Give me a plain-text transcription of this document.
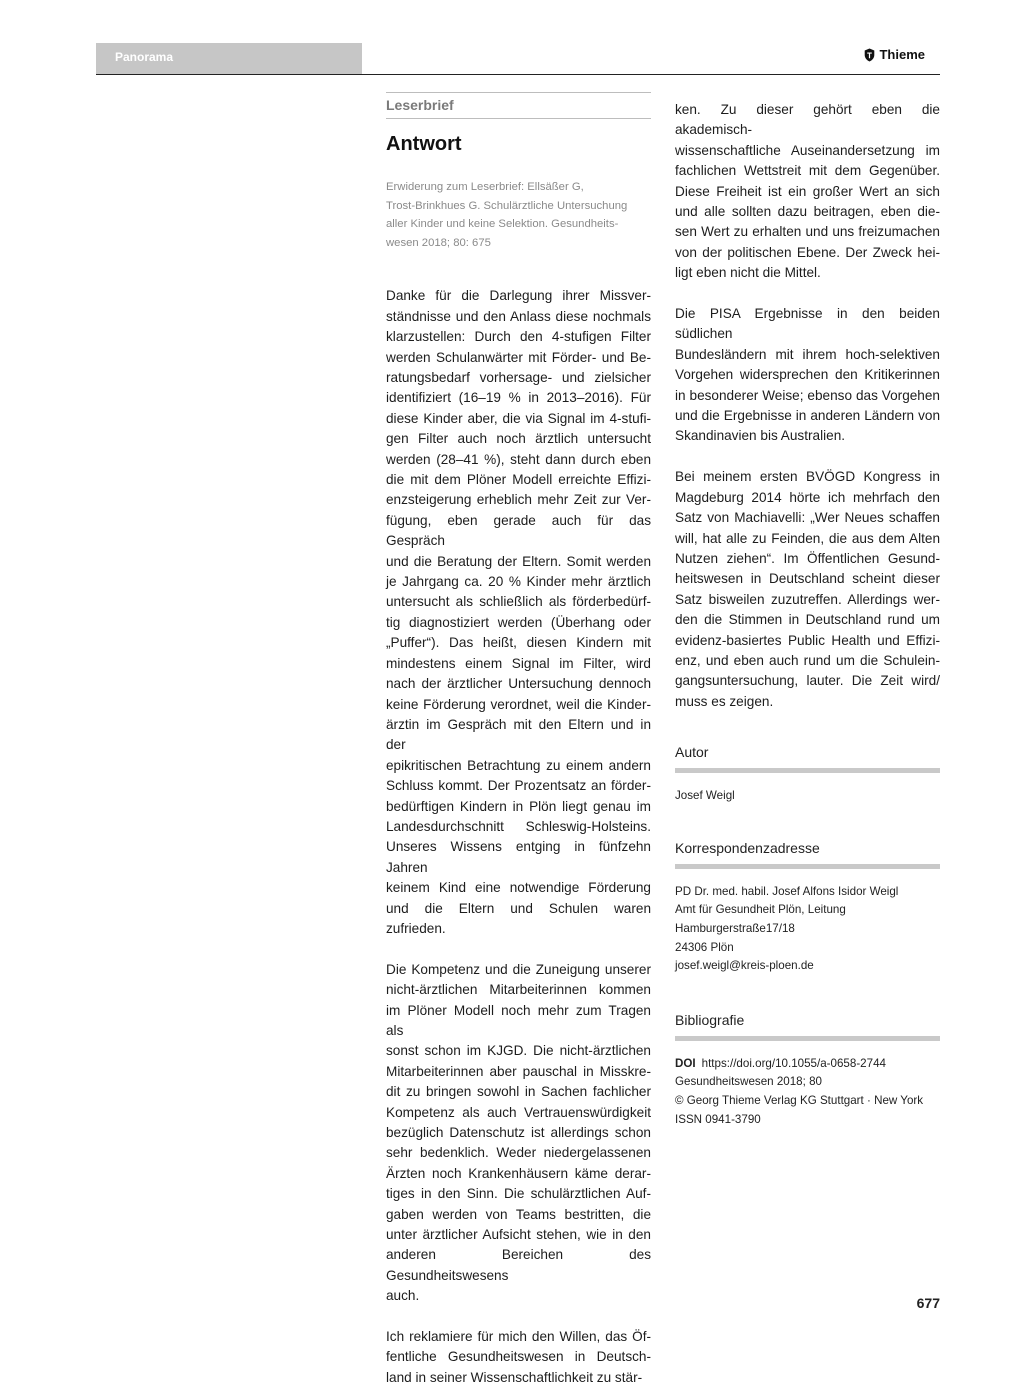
Panorama	Thieme
Leserbrief
Antwort
Erwiderung zum Leserbrief: Ellsäßer G,
Trost-Brinkhues G. Schulärztliche Untersuchung
aller Kinder und keine Selektion. Gesundheits-
wesen 2018; 80: 675
Danke für die Darlegung ihrer Missver-
ständnisse und den Anlass diese nochmals
klarzustellen: Durch den 4-stufigen Filter
werden Schulanwärter mit Förder- und Be-
ratungsbedarf vorhersage- und zielsicher
identifiziert (16–19 % in 2013–2016). Für
diese Kinder aber, die via Signal im 4-stufi-
gen Filter auch noch ärztlich untersucht
werden (28–41 %), steht dann durch eben
die mit dem Plöner Modell erreichte Effizi-
enzsteigerung erheblich mehr Zeit zur Ver-
fügung, eben gerade auch für das Gespräch
und die Beratung der Eltern. Somit werden
je Jahrgang ca. 20 % Kinder mehr ärztlich
untersucht als schließlich als förderbedürf-
tig diagnostiziert werden (Überhang oder
„Puffer“). Das heißt, diesen Kindern mit
mindestens einem Signal im Filter, wird
nach der ärztlicher Untersuchung dennoch
keine Förderung verordnet, weil die Kinder-
ärztin im Gespräch mit den Eltern und in der
epikritischen Betrachtung zu einem andern
Schluss kommt. Der Prozentsatz an förder-
bedürftigen Kindern in Plön liegt genau im
Landesdurchschnitt Schleswig-Holsteins.
Unseres Wissens entging in fünfzehn Jahren
keinem Kind eine notwendige Förderung
und die Eltern und Schulen waren zufrieden.
Die Kompetenz und die Zuneigung unserer
nicht-ärztlichen Mitarbeiterinnen kommen
im Plöner Modell noch mehr zum Tragen als
sonst schon im KJGD. Die nicht-ärztlichen
Mitarbeiterinnen aber pauschal in Misskre-
dit zu bringen sowohl in Sachen fachlicher
Kompetenz als auch Vertrauenswürdigkeit
bezüglich Datenschutz ist allerdings schon
sehr bedenklich. Weder niedergelassenen
Ärzten noch Krankenhäusern käme derar-
tiges in den Sinn. Die schulärztlichen Auf-
gaben werden von Teams bestritten, die
unter ärztlicher Aufsicht stehen, wie in den
anderen Bereichen des Gesundheitswesens
auch.
Ich reklamiere für mich den Willen, das Öf-
fentliche Gesundheitswesen in Deutsch-
land in seiner Wissenschaftlichkeit zu stär-
ken. Zu dieser gehört eben die akademisch-
wissenschaftliche Auseinandersetzung im
fachlichen Wettstreit mit dem Gegenüber.
Diese Freiheit ist ein großer Wert an sich
und alle sollten dazu beitragen, eben die-
sen Wert zu erhalten und uns freizumachen
von der politischen Ebene. Der Zweck hei-
ligt eben nicht die Mittel.
Die PISA Ergebnisse in den beiden südlichen
Bundesländern mit ihrem hoch-selektiven
Vorgehen widersprechen den Kritikerinnen
in besonderer Weise; ebenso das Vorgehen
und die Ergebnisse in anderen Ländern von
Skandinavien bis Australien.
Bei meinem ersten BVÖGD Kongress in
Magdeburg 2014 hörte ich mehrfach den
Satz von Machiavelli: „Wer Neues schaffen
will, hat alle zu Feinden, die aus dem Alten
Nutzen ziehen“. Im Öffentlichen Gesund-
heitswesen in Deutschland scheint dieser
Satz bisweilen zuzutreffen. Allerdings wer-
den die Stimmen in Deutschland rund um
evidenz-basiertes Public Health und Effizi-
enz, und eben auch rund um die Schulein-
gangsuntersuchung, lauter. Die Zeit wird/
muss es zeigen.
Autor
Josef Weigl
Korrespondenzadresse
PD Dr. med. habil. Josef Alfons Isidor Weigl
Amt für Gesundheit Plön, Leitung
Hamburgerstraße17/18
24306 Plön
josef.weigl@kreis-ploen.de
Bibliografie
DOI https://doi.org/10.1055/a-0658-2744
Gesundheitswesen 2018; 80
© Georg Thieme Verlag KG Stuttgart · New York
ISSN 0941-3790
677
